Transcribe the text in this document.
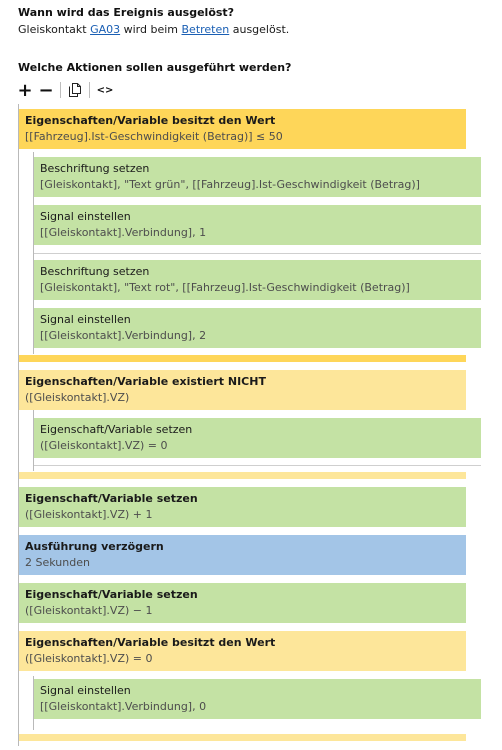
Wann wird das Ereignis ausgelöst?
Gleiskontakt GA03 wird beim Betreten ausgelöst.
Welche Aktionen sollen ausgeführt werden?
+ −	<>
Eigenschaften/Variable besitzt den Wert
[[Fahrzeug].Ist-Geschwindigkeit (Betrag)] ≤ 50
Beschriftung setzen
[Gleiskontakt], "Text grün", [[Fahrzeug].Ist-Geschwindigkeit (Betrag)]
Signal einstellen
[[Gleiskontakt].Verbindung], 1
Beschriftung setzen
[Gleiskontakt], "Text rot", [[Fahrzeug].Ist-Geschwindigkeit (Betrag)]
Signal einstellen
[[Gleiskontakt].Verbindung], 2
Eigenschaften/Variable existiert NICHT
([Gleiskontakt].VZ)
Eigenschaft/Variable setzen
([Gleiskontakt].VZ) = 0
Eigenschaft/Variable setzen
([Gleiskontakt].VZ) + 1
Ausführung verzögern
2 Sekunden
Eigenschaft/Variable setzen
([Gleiskontakt].VZ) − 1
Eigenschaften/Variable besitzt den Wert
([Gleiskontakt].VZ) = 0
Signal einstellen
[[Gleiskontakt].Verbindung], 0
